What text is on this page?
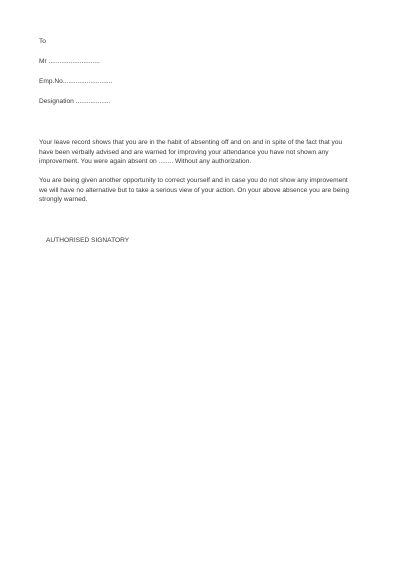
To
Mr ............................
Emp.No...........................
Designation ...................
Your leave record shows that you are in the habit of absenting off and on and in spite of the fact that you
have been verbally advised and are warned for improving your attendance you have not shown any
improvement. You were again absent on ........ Without any authorization.
You are being given another opportunity to correct yourself and in case you do not show any improvement
we will have no alternative but to take a serious view of your action. On your above absence you are being
strongly warned.
AUTHORISED SIGNATORY
